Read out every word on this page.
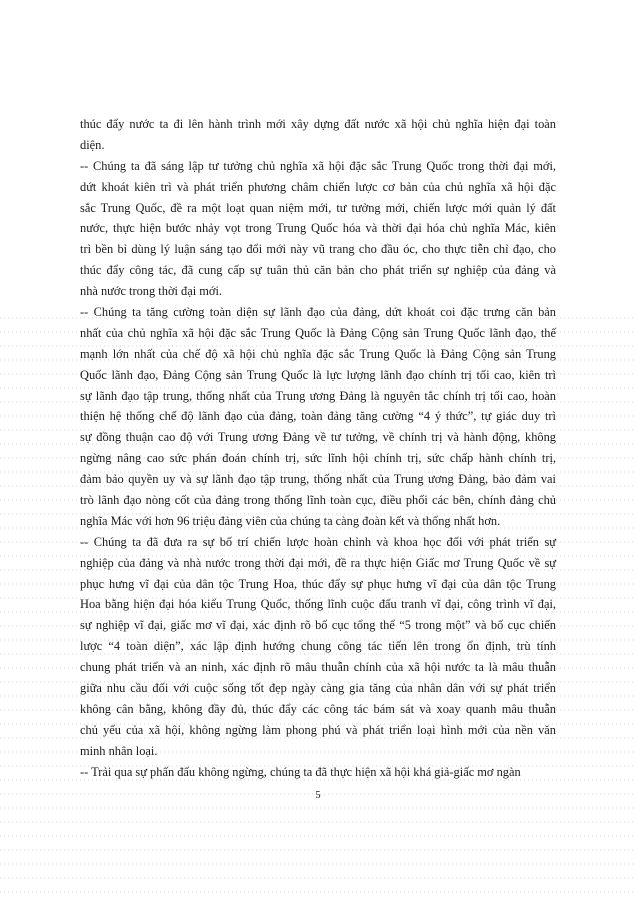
thúc đẩy nước ta đi lên hành trình mới xây dựng đất nước xã hội chủ nghĩa hiện đại toàn
diện.
-- Chúng ta đã sáng lập tư tưởng chủ nghĩa xã hội đặc sắc Trung Quốc trong thời đại mới,
dứt khoát kiên trì và phát triển phương châm chiến lược cơ bản của chủ nghĩa xã hội đặc
sắc Trung Quốc, đề ra một loạt quan niệm mới, tư tưởng mới, chiến lược mới quản lý đất
nước, thực hiện bước nhảy vọt trong Trung Quốc hóa và thời đại hóa chủ nghĩa Mác, kiên
trì bền bỉ dùng lý luận sáng tạo đổi mới này vũ trang cho đầu óc, cho thực tiễn chỉ đạo, cho
thúc đẩy công tác, đã cung cấp sự tuân thủ căn bản cho phát triển sự nghiệp của đảng và
nhà nước trong thời đại mới.
-- Chúng ta tăng cường toàn diện sự lãnh đạo của đảng, dứt khoát coi đặc trưng căn bản
nhất của chủ nghĩa xã hội đặc sắc Trung Quốc là Đảng Cộng sản Trung Quốc lãnh đạo, thế
mạnh lớn nhất của chế độ xã hội chủ nghĩa đặc sắc Trung Quốc là Đảng Cộng sản Trung
Quốc lãnh đạo, Đảng Cộng sản Trung Quốc là lực lượng lãnh đạo chính trị tối cao, kiên trì
sự lãnh đạo tập trung, thống nhất của Trung ương Đảng là nguyên tắc chính trị tối cao, hoàn
thiện hệ thống chế độ lãnh đạo của đảng, toàn đảng tăng cường “4 ý thức”, tự giác duy trì
sự đồng thuận cao độ với Trung ương Đảng về tư tưởng, về chính trị và hành động, không
ngừng nâng cao sức phán đoán chính trị, sức lĩnh hội chính trị, sức chấp hành chính trị,
đảm bảo quyền uy và sự lãnh đạo tập trung, thống nhất của Trung ương Đảng, bảo đảm vai
trò lãnh đạo nòng cốt của đảng trong thống lĩnh toàn cục, điều phối các bên, chính đảng chủ
nghĩa Mác với hơn 96 triệu đảng viên của chúng ta càng đoàn kết và thống nhất hơn.
-- Chúng ta đã đưa ra sự bố trí chiến lược hoàn chỉnh và khoa học đối với phát triển sự
nghiệp của đảng và nhà nước trong thời đại mới, đề ra thực hiện Giấc mơ Trung Quốc về sự
phục hưng vĩ đại của dân tộc Trung Hoa, thúc đẩy sự phục hưng vĩ đại của dân tộc Trung
Hoa bằng hiện đại hóa kiểu Trung Quốc, thống lĩnh cuộc đấu tranh vĩ đại, công trình vĩ đại,
sự nghiệp vĩ đại, giấc mơ vĩ đại, xác định rõ bố cục tổng thể “5 trong một” và bố cục chiến
lược “4 toàn diện”, xác lập định hướng chung công tác tiến lên trong ổn định, trù tính
chung phát triển và an ninh, xác định rõ mâu thuẫn chính của xã hội nước ta là mâu thuẫn
giữa nhu cầu đối với cuộc sống tốt đẹp ngày càng gia tăng của nhân dân với sự phát triển
không cân bằng, không đầy đủ, thúc đẩy các công tác bám sát và xoay quanh mâu thuẫn
chủ yếu của xã hội, không ngừng làm phong phú và phát triển loại hình mới của nền văn
minh nhân loại.
-- Trải qua sự phấn đấu không ngừng, chúng ta đã thực hiện xã hội khá giả-giấc mơ ngàn
5
